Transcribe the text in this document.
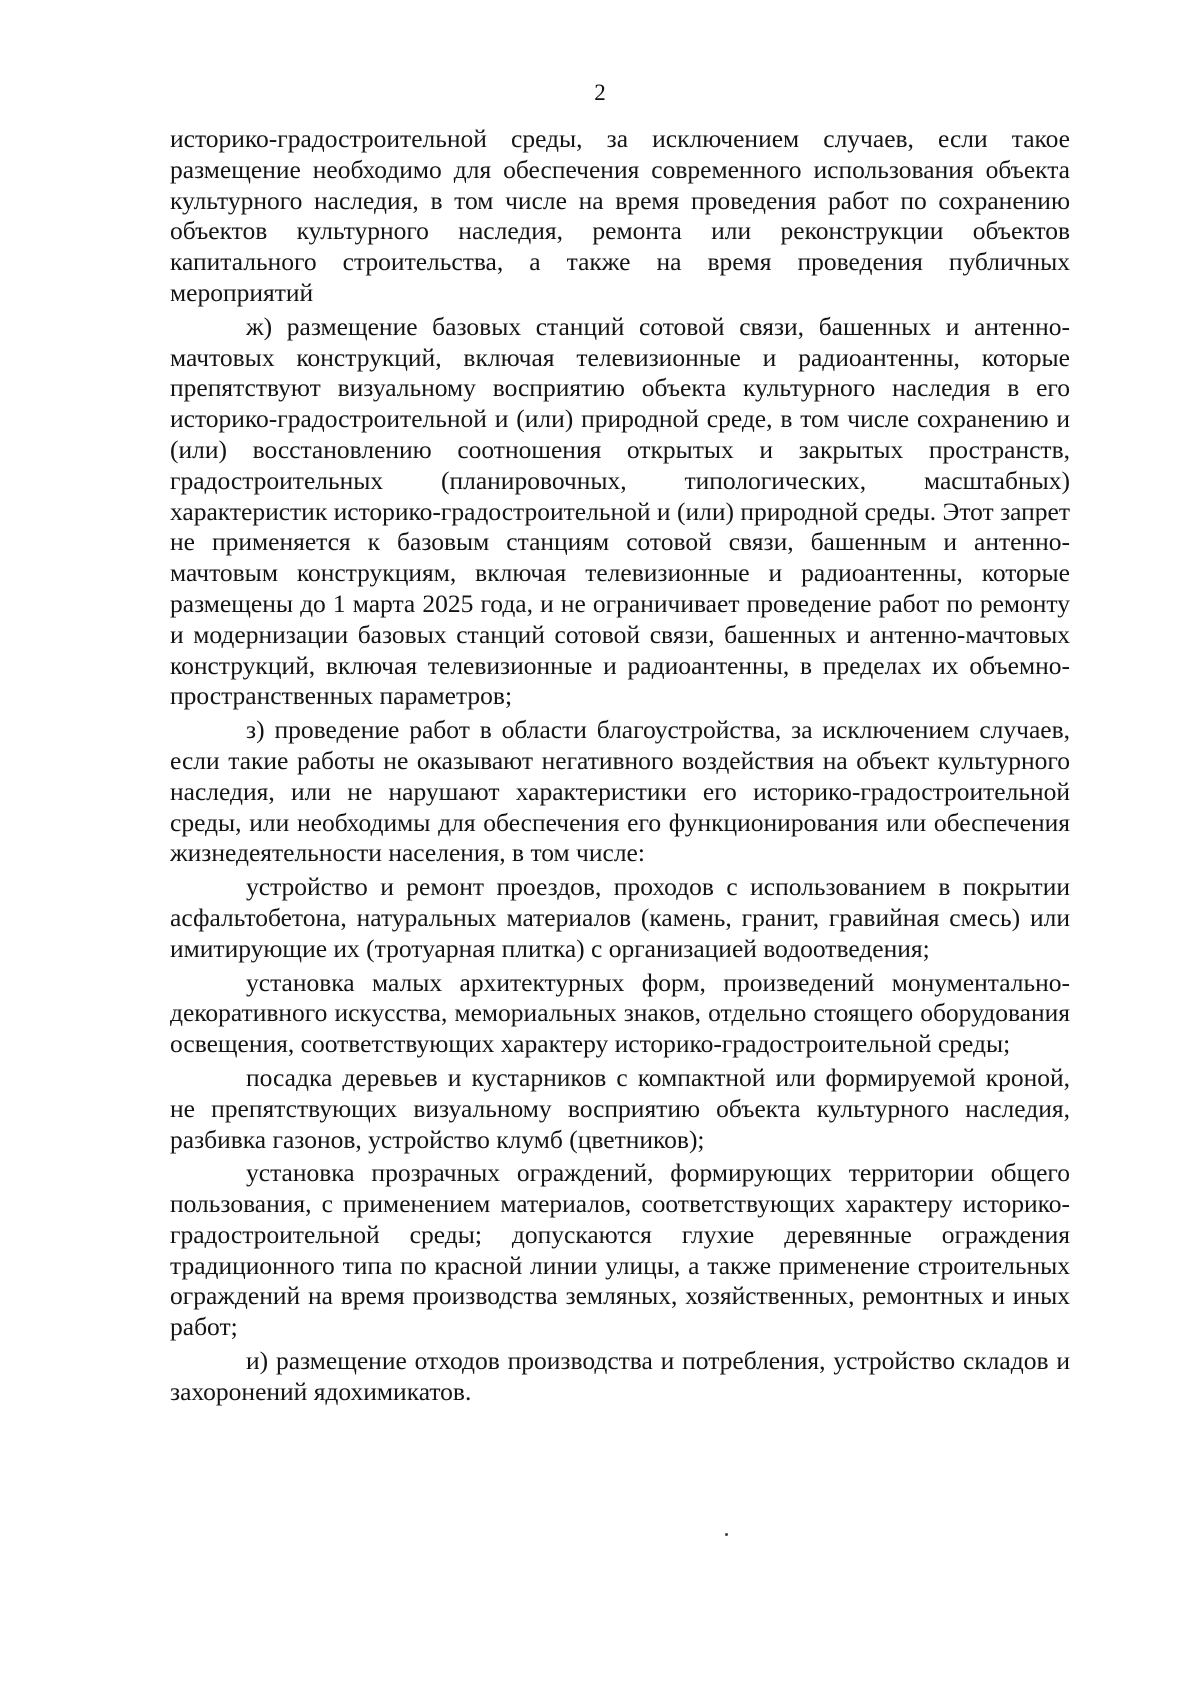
2

историко-градостроительной среды, за исключением случаев, если такое размещение необходимо для обеспечения современного использования объекта культурного наследия, в том числе на время проведения работ по сохранению объектов культурного наследия, ремонта или реконструкции объектов капитального строительства, а также на время проведения публичных мероприятий

ж) размещение базовых станций сотовой связи, башенных и антенно-мачтовых конструкций, включая телевизионные и радиоантенны, которые препятствуют визуальному восприятию объекта культурного наследия в его историко-градостроительной и (или) природной среде, в том числе сохранению и (или) восстановлению соотношения открытых и закрытых пространств, градостроительных (планировочных, типологических, масштабных) характеристик историко-градостроительной и (или) природной среды. Этот запрет не применяется к базовым станциям сотовой связи, башенным и антенно-мачтовым конструкциям, включая телевизионные и радиоантенны, которые размещены до 1 марта 2025 года, и не ограничивает проведение работ по ремонту и модернизации базовых станций сотовой связи, башенных и антенно-мачтовых конструкций, включая телевизионные и радиоантенны, в пределах их объемно-пространственных параметров;

з) проведение работ в области благоустройства, за исключением случаев, если такие работы не оказывают негативного воздействия на объект культурного наследия, или не нарушают характеристики его историко-градостроительной среды, или необходимы для обеспечения его функционирования или обеспечения жизнедеятельности населения, в том числе:

устройство и ремонт проездов, проходов с использованием в покрытии асфальтобетона, натуральных материалов (камень, гранит, гравийная смесь) или имитирующие их (тротуарная плитка) с организацией водоотведения;

установка малых архитектурных форм, произведений монументально-декоративного искусства, мемориальных знаков, отдельно стоящего оборудования освещения, соответствующих характеру историко-градостроительной среды;

посадка деревьев и кустарников с компактной или формируемой кроной, не препятствующих визуальному восприятию объекта культурного наследия, разбивка газонов, устройство клумб (цветников);

установка прозрачных ограждений, формирующих территории общего пользования, с применением материалов, соответствующих характеру историко-градостроительной среды; допускаются глухие деревянные ограждения традиционного типа по красной линии улицы, а также применение строительных ограждений на время производства земляных, хозяйственных, ремонтных и иных работ;

и) размещение отходов производства и потребления, устройство складов и захоронений ядохимикатов.
